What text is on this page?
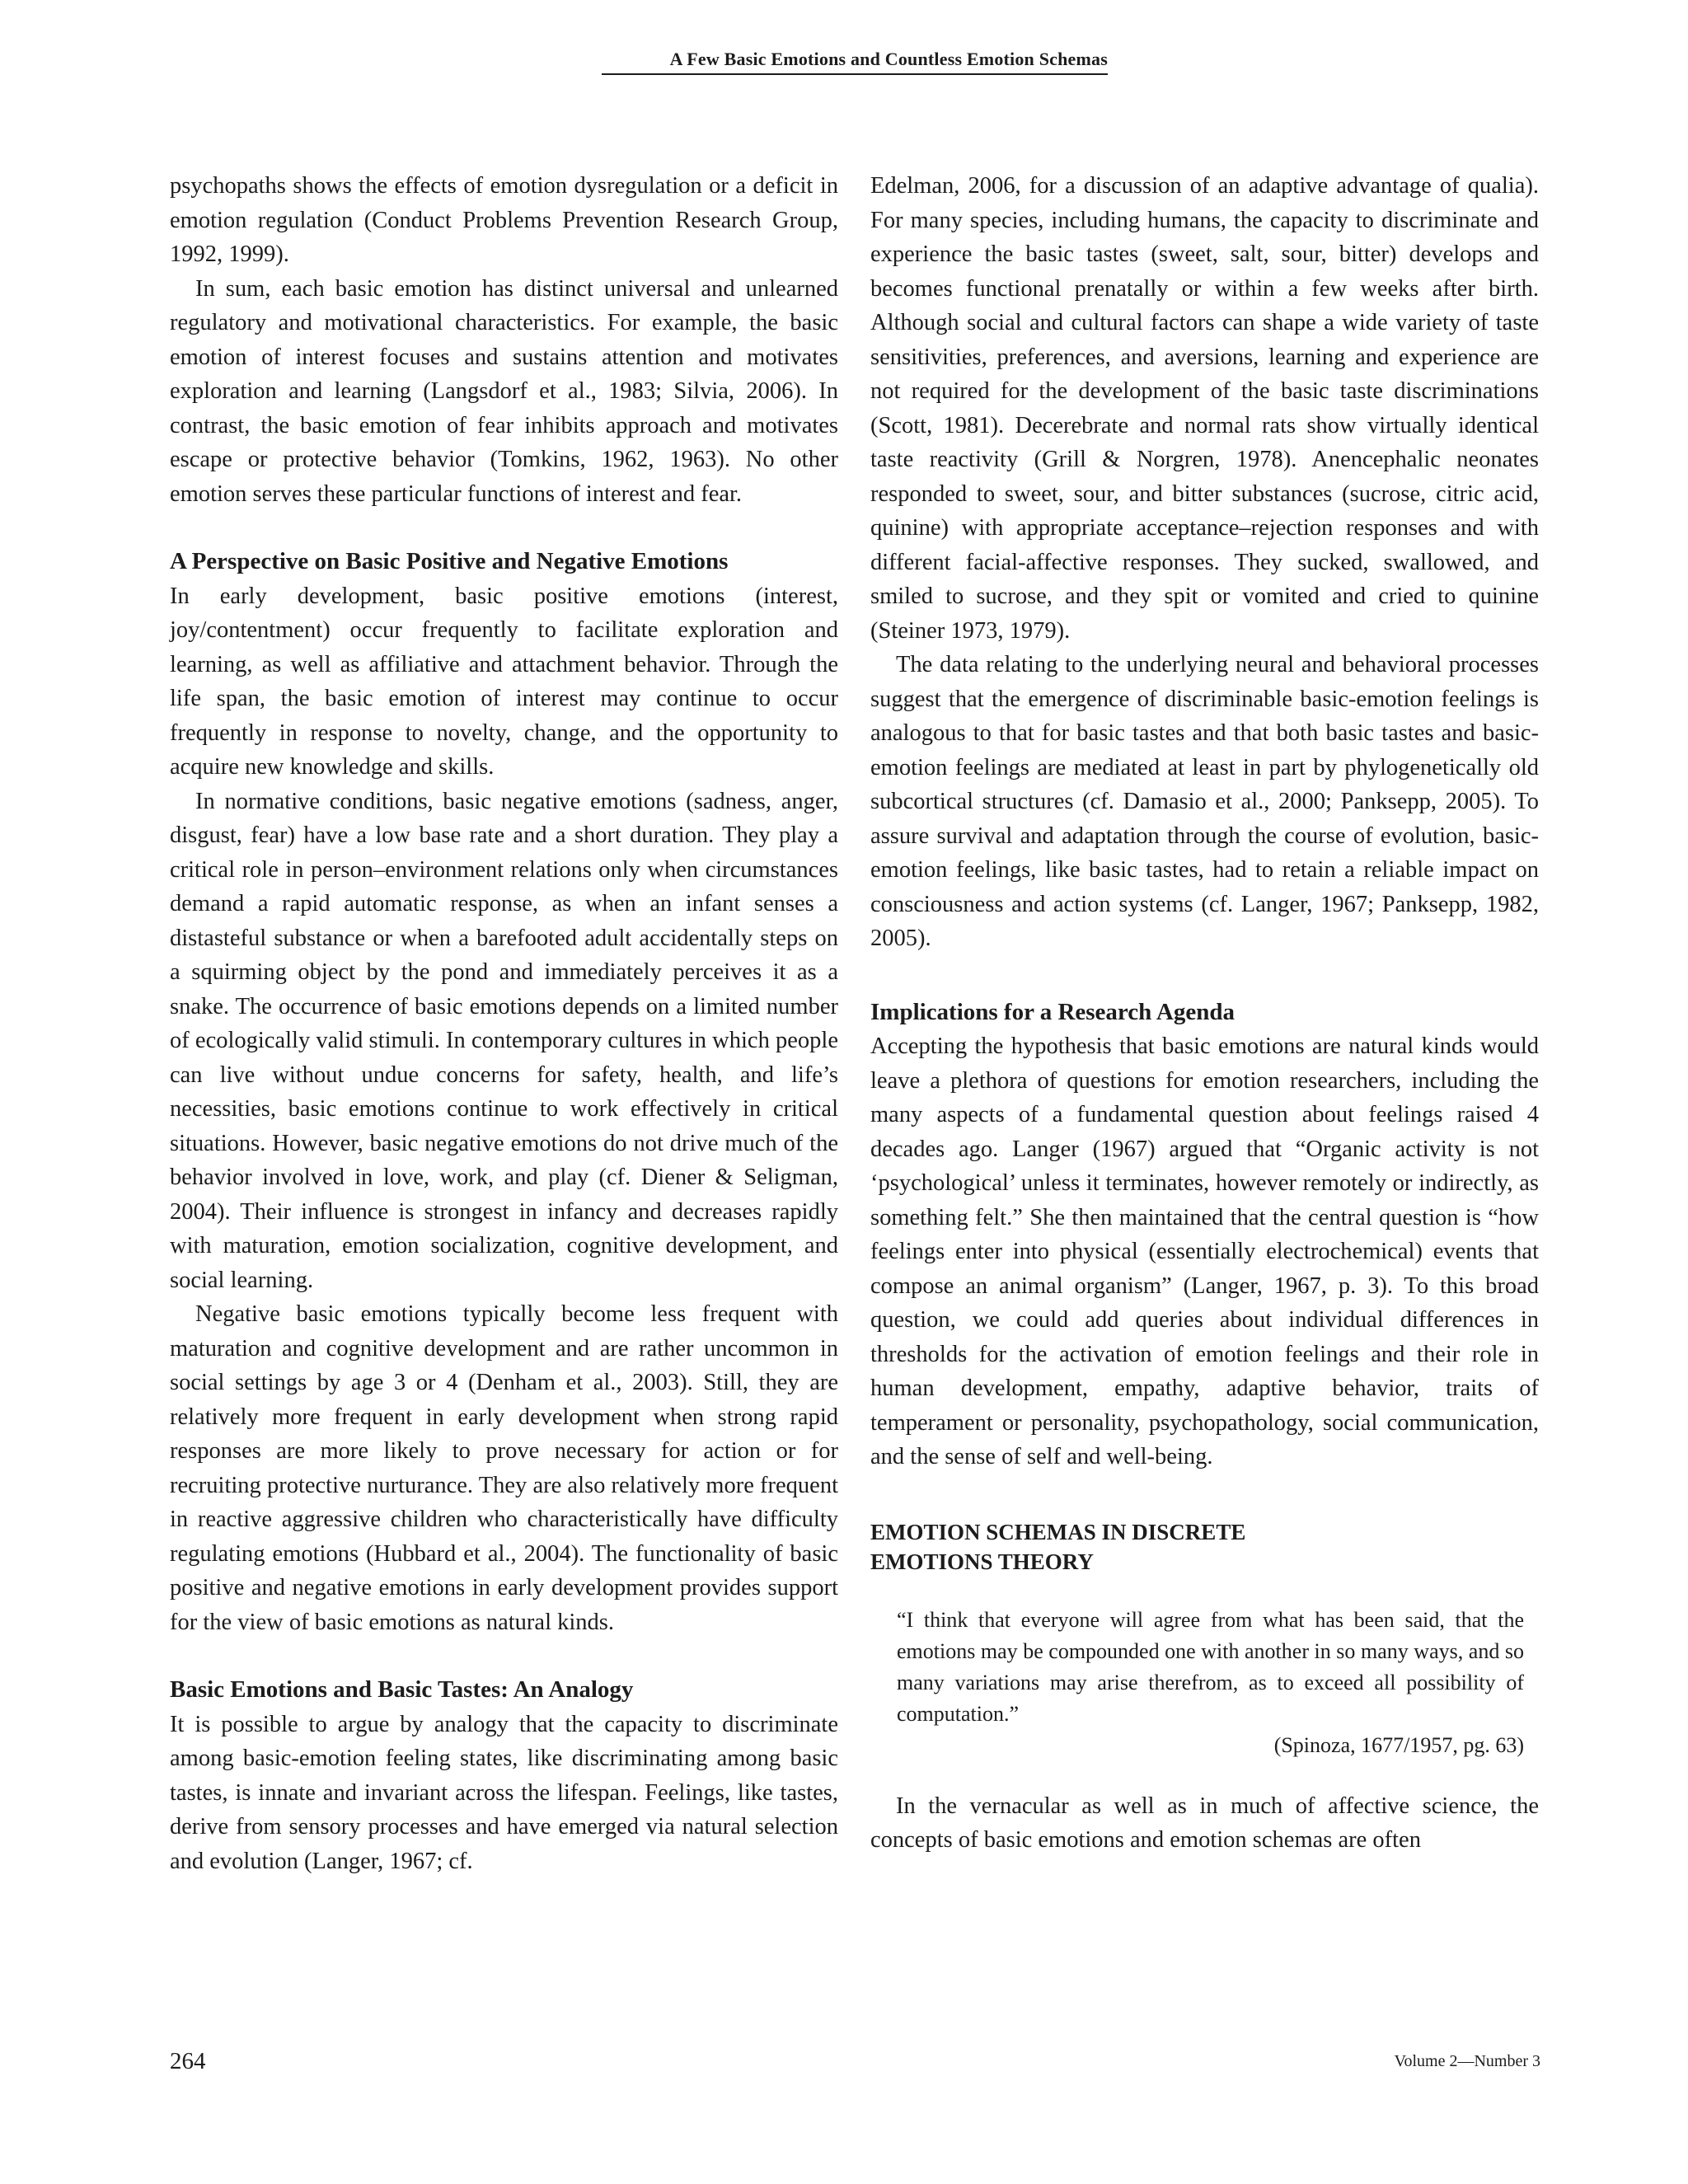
A Few Basic Emotions and Countless Emotion Schemas

psychopaths shows the effects of emotion dysregulation or a deficit in emotion regulation (Conduct Problems Prevention Research Group, 1992, 1999).

In sum, each basic emotion has distinct universal and unlearned regulatory and motivational characteristics. For example, the basic emotion of interest focuses and sustains attention and motivates exploration and learning (Langsdorf et al., 1983; Silvia, 2006). In contrast, the basic emotion of fear inhibits approach and motivates escape or protective behavior (Tomkins, 1962, 1963). No other emotion serves these particular functions of interest and fear.

A Perspective on Basic Positive and Negative Emotions

In early development, basic positive emotions (interest, joy/contentment) occur frequently to facilitate exploration and learning, as well as affiliative and attachment behavior. Through the life span, the basic emotion of interest may continue to occur frequently in response to novelty, change, and the opportunity to acquire new knowledge and skills.

In normative conditions, basic negative emotions (sadness, anger, disgust, fear) have a low base rate and a short duration. They play a critical role in person–environment relations only when circumstances demand a rapid automatic response, as when an infant senses a distasteful substance or when a barefooted adult accidentally steps on a squirming object by the pond and immediately perceives it as a snake. The occurrence of basic emotions depends on a limited number of ecologically valid stimuli. In contemporary cultures in which people can live without undue concerns for safety, health, and life’s necessities, basic emotions continue to work effectively in critical situations. However, basic negative emotions do not drive much of the behavior involved in love, work, and play (cf. Diener & Seligman, 2004). Their influence is strongest in infancy and decreases rapidly with maturation, emotion socialization, cognitive development, and social learning.

Negative basic emotions typically become less frequent with maturation and cognitive development and are rather uncommon in social settings by age 3 or 4 (Denham et al., 2003). Still, they are relatively more frequent in early development when strong rapid responses are more likely to prove necessary for action or for recruiting protective nurturance. They are also relatively more frequent in reactive aggressive children who characteristically have difficulty regulating emotions (Hubbard et al., 2004). The functionality of basic positive and negative emotions in early development provides support for the view of basic emotions as natural kinds.

Basic Emotions and Basic Tastes: An Analogy

It is possible to argue by analogy that the capacity to discriminate among basic-emotion feeling states, like discriminating among basic tastes, is innate and invariant across the lifespan. Feelings, like tastes, derive from sensory processes and have emerged via natural selection and evolution (Langer, 1967; cf.

Edelman, 2006, for a discussion of an adaptive advantage of qualia). For many species, including humans, the capacity to discriminate and experience the basic tastes (sweet, salt, sour, bitter) develops and becomes functional prenatally or within a few weeks after birth. Although social and cultural factors can shape a wide variety of taste sensitivities, preferences, and aversions, learning and experience are not required for the development of the basic taste discriminations (Scott, 1981). Decerebrate and normal rats show virtually identical taste reactivity (Grill & Norgren, 1978). Anencephalic neonates responded to sweet, sour, and bitter substances (sucrose, citric acid, quinine) with appropriate acceptance–rejection responses and with different facial-affective responses. They sucked, swallowed, and smiled to sucrose, and they spit or vomited and cried to quinine (Steiner 1973, 1979).

The data relating to the underlying neural and behavioral processes suggest that the emergence of discriminable basic-emotion feelings is analogous to that for basic tastes and that both basic tastes and basic-emotion feelings are mediated at least in part by phylogenetically old subcortical structures (cf. Damasio et al., 2000; Panksepp, 2005). To assure survival and adaptation through the course of evolution, basic-emotion feelings, like basic tastes, had to retain a reliable impact on consciousness and action systems (cf. Langer, 1967; Panksepp, 1982, 2005).

Implications for a Research Agenda

Accepting the hypothesis that basic emotions are natural kinds would leave a plethora of questions for emotion researchers, including the many aspects of a fundamental question about feelings raised 4 decades ago. Langer (1967) argued that “Organic activity is not ‘psychological’ unless it terminates, however remotely or indirectly, as something felt.” She then maintained that the central question is “how feelings enter into physical (essentially electrochemical) events that compose an animal organism” (Langer, 1967, p. 3). To this broad question, we could add queries about individual differences in thresholds for the activation of emotion feelings and their role in human development, empathy, adaptive behavior, traits of temperament or personality, psychopathology, social communication, and the sense of self and well-being.

EMOTION SCHEMAS IN DISCRETE
EMOTIONS THEORY

“I think that everyone will agree from what has been said, that the emotions may be compounded one with another in so many ways, and so many variations may arise therefrom, as to exceed all possibility of computation.”

(Spinoza, 1677/1957, pg. 63)

In the vernacular as well as in much of affective science, the concepts of basic emotions and emotion schemas are often

264	Volume 2—Number 3
